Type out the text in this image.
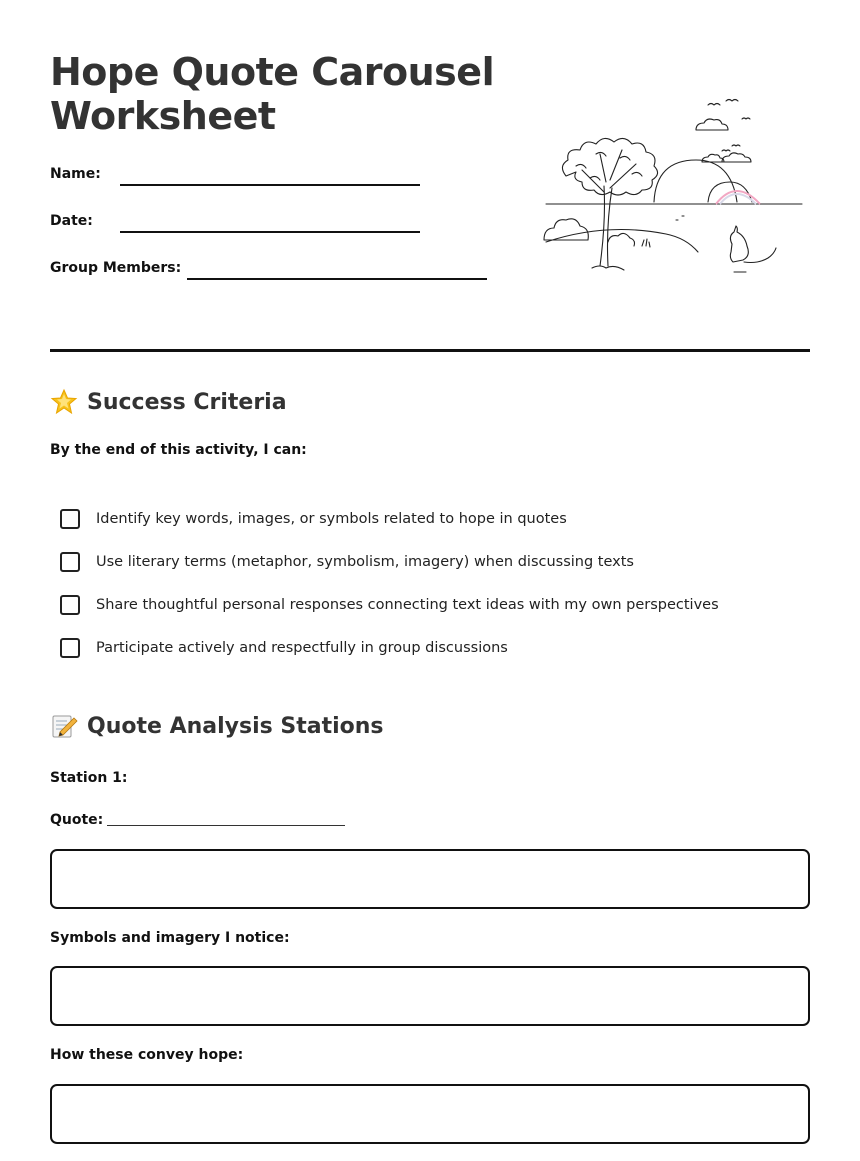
Hope Quote Carousel Worksheet
Name:
Date:
Group Members:
Success Criteria
By the end of this activity, I can:
Identify key words, images, or symbols related to hope in quotes
Use literary terms (metaphor, symbolism, imagery) when discussing texts
Share thoughtful personal responses connecting text ideas with my own perspectives
Participate actively and respectfully in group discussions
Quote Analysis Stations
Station 1:
Quote:
Symbols and imagery I notice:
How these convey hope:
